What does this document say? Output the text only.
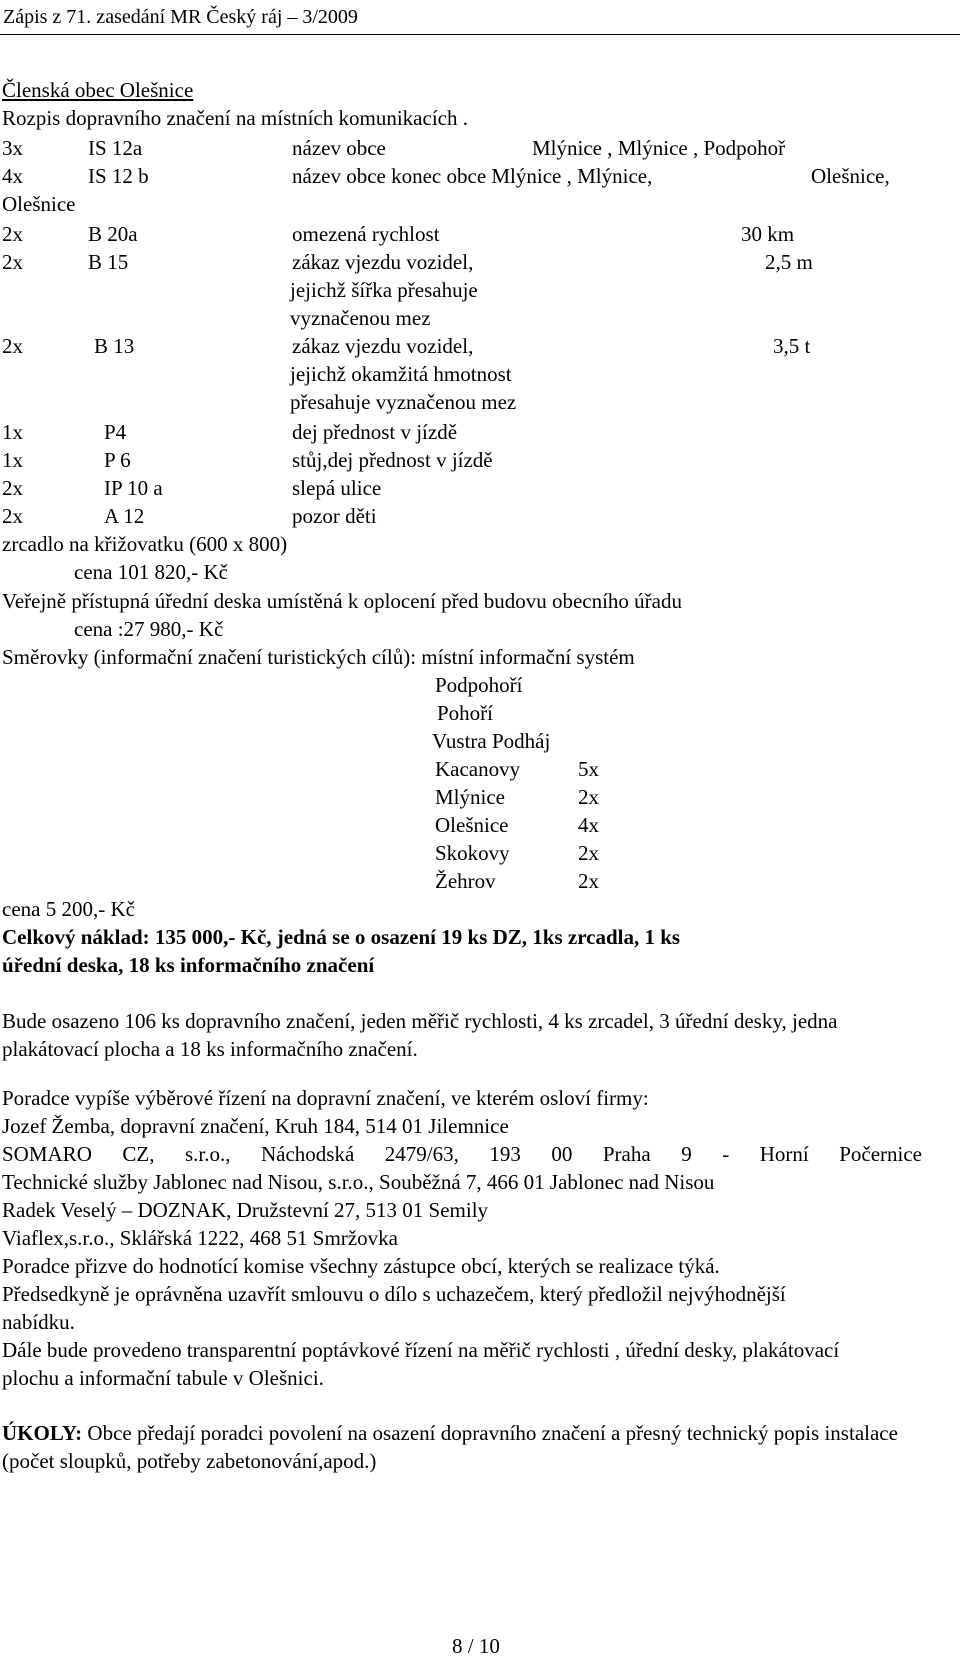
Zápis z 71. zasedání MR Český ráj – 3/2009
Členská obec Olešnice
Rozpis dopravního značení na místních komunikacích .
3x	IS 12a	název obce	Mlýnice , Mlýnice , Podpohoř
4x	IS 12 b	název obce konec obce Mlýnice , Mlýnice,	Olešnice,
Olešnice
2x	B 20a	omezená rychlost	30 km
2x	B 15	zákaz vjezdu vozidel,	2,5 m
jejichž šířka přesahuje
vyznačenou mez
2x	B 13	zákaz vjezdu vozidel,	3,5 t
jejichž okamžitá hmotnost
přesahuje vyznačenou mez
1x	P4	dej přednost v jízdě
1x	P 6	stůj,dej přednost v jízdě
2x	IP 10 a	slepá ulice
2x	A 12	pozor děti
zrcadlo na křižovatku (600 x 800)
cena 101 820,- Kč
Veřejně přístupná úřední deska umístěná k oplocení před budovu obecního úřadu
cena :27 980,- Kč
Směrovky (informační značení turistických cílů): místní informační systém
Podpohoří
Pohoří
Vustra Podháj
Kacanovy	5x
Mlýnice	2x
Olešnice	4x
Skokovy	2x
Žehrov	2x
cena 5 200,- Kč
Celkový náklad: 135 000,- Kč, jedná se o osazení 19 ks DZ, 1ks zrcadla, 1 ks
úřední deska, 18 ks informačního značení
Bude osazeno 106 ks dopravního značení, jeden měřič rychlosti, 4 ks zrcadel, 3 úřední desky, jedna plakátovací plocha a 18 ks informačního značení.
Poradce vypíše výběrové řízení na dopravní značení, ve kterém osloví firmy:
Jozef Žemba, dopravní značení, Kruh 184, 514 01 Jilemnice
SOMARO CZ, s.r.o., Náchodská 2479/63, 193 00 Praha 9 - Horní Počernice
Technické služby Jablonec nad Nisou, s.r.o., Souběžná 7, 466 01 Jablonec nad Nisou
Radek Veselý – DOZNAK, Družstevní 27, 513 01 Semily
Viaflex,s.r.o., Sklářská 1222, 468 51 Smržovka
Poradce přizve do hodnotící komise všechny zástupce obcí, kterých se realizace týká.
Předsedkyně je oprávněna uzavřít smlouvu o dílo s uchazečem, který předložil nejvýhodnější nabídku.
Dále bude provedeno transparentní poptávkové řízení na měřič rychlosti , úřední desky, plakátovací plochu a informační tabule v Olešnici.
ÚKOLY: Obce předají poradci povolení na osazení dopravního značení a přesný technický popis instalace (počet sloupků, potřeby zabetonování,apod.)
8 / 10
